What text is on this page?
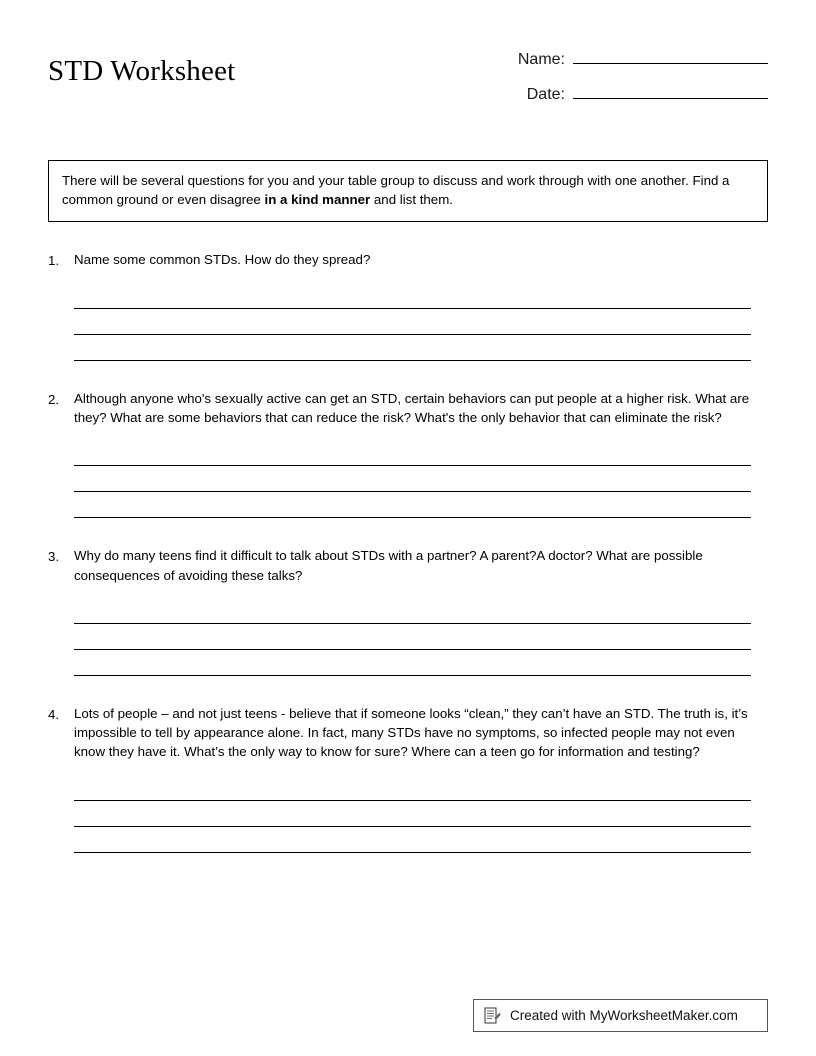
STD Worksheet	Name:
Date:
There will be several questions for you and your table group to discuss and work through with one another. Find a common ground or even disagree in a kind manner and list them.
1.	Name some common STDs. How do they spread?
2.	Although anyone who's sexually active can get an STD, certain behaviors can put people at a higher risk. What are they? What are some behaviors that can reduce the risk? What's the only behavior that can eliminate the risk?
3.	Why do many teens find it difficult to talk about STDs with a partner? A parent?A doctor? What are possible consequences of avoiding these talks?
4.	Lots of people – and not just teens - believe that if someone looks “clean,” they can’t have an STD. The truth is, it’s impossible to tell by appearance alone. In fact, many STDs have no symptoms, so infected people may not even know they have it. What’s the only way to know for sure? Where can a teen go for information and testing?
Created with MyWorksheetMaker.com
